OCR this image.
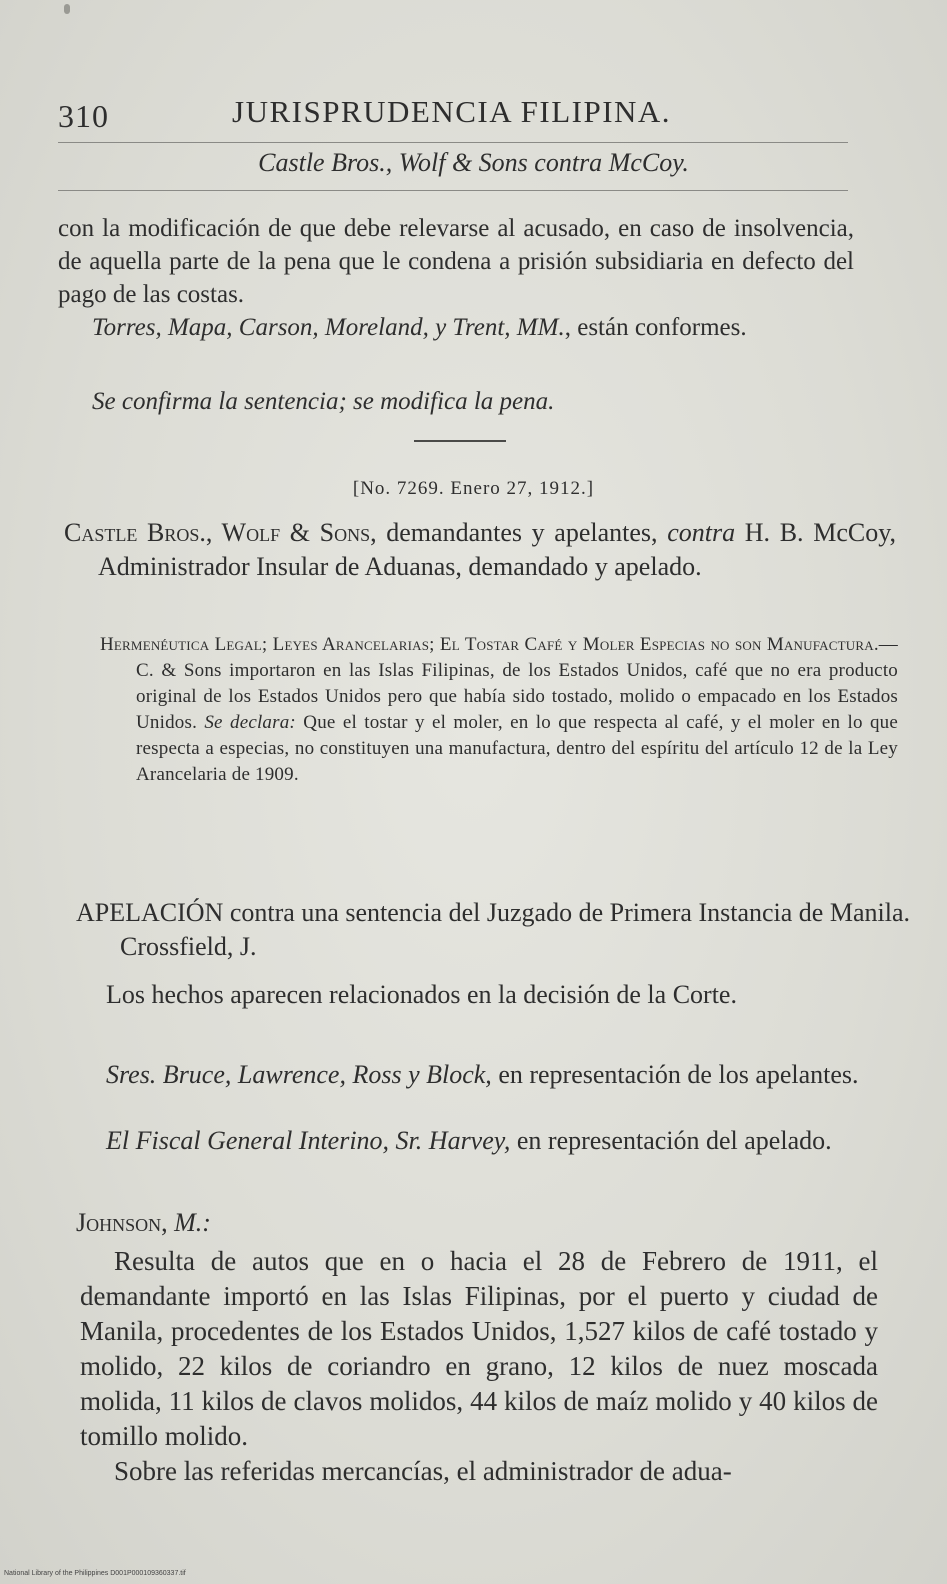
310	JURISPRUDENCIA FILIPINA.
Castle Bros., Wolf & Sons contra McCoy.

con la modificación de que debe relevarse al acusado, en caso de insolvencia, de aquella parte de la pena que le condena a prisión subsidiaria en defecto del pago de las costas.

Torres, Mapa, Carson, Moreland, y Trent, MM., están conformes.

Se confirma la sentencia; se modifica la pena.

[No. 7269. Enero 27, 1912.]

Castle Bros., Wolf & Sons, demandantes y apelantes, contra H. B. McCoy, Administrador Insular de Aduanas, demandado y apelado.

Hermenéutica Legal; Leyes Arancelarias; El Tostar Café y Moler Especias no son Manufactura.—C. & Sons importaron en las Islas Filipinas, de los Estados Unidos, café que no era producto original de los Estados Unidos pero que había sido tostado, molido o empacado en los Estados Unidos. Se declara: Que el tostar y el moler, en lo que respecta al café, y el moler en lo que respecta a especias, no constituyen una manufactura, dentro del espíritu del artículo 12 de la Ley Arancelaria de 1909.

APELACIÓN contra una sentencia del Juzgado de Primera Instancia de Manila. Crossfield, J.

Los hechos aparecen relacionados en la decisión de la Corte.

Sres. Bruce, Lawrence, Ross y Block, en representación de los apelantes.

El Fiscal General Interino, Sr. Harvey, en representación del apelado.

Johnson, M.:

Resulta de autos que en o hacia el 28 de Febrero de 1911, el demandante importó en las Islas Filipinas, por el puerto y ciudad de Manila, procedentes de los Estados Unidos, 1,527 kilos de café tostado y molido, 22 kilos de coriandro en grano, 12 kilos de nuez moscada molida, 11 kilos de clavos molidos, 44 kilos de maíz molido y 40 kilos de tomillo molido.

Sobre las referidas mercancías, el administrador de adua-

National Library of the Philippines D001P000109360337.tif
